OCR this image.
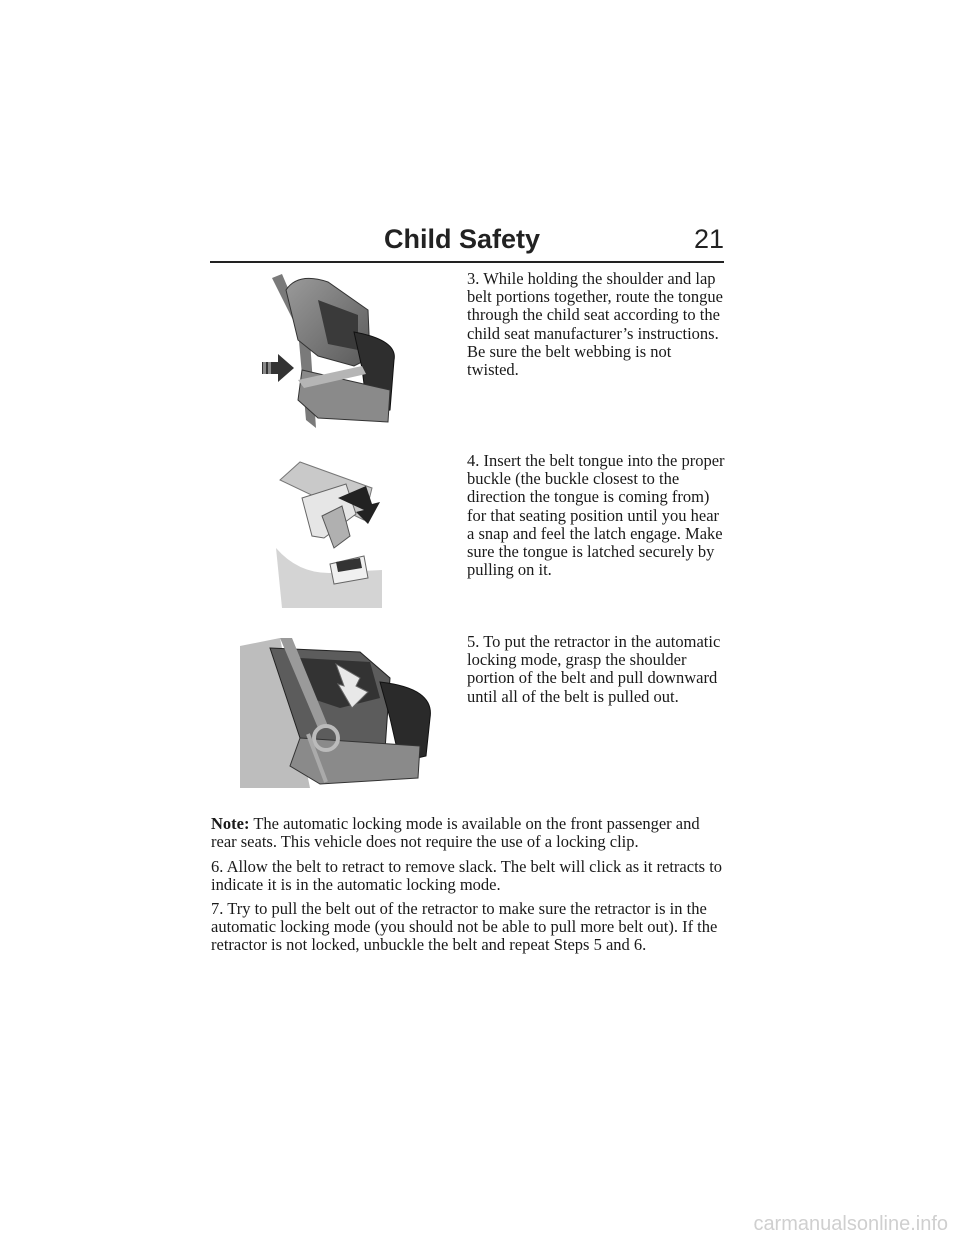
Child Safety	21
3. While holding the shoulder and lap belt portions together, route the tongue through the child seat according to the child seat manufacturer’s instructions. Be sure the belt webbing is not twisted.
4. Insert the belt tongue into the proper buckle (the buckle closest to the direction the tongue is coming from) for that seating position until you hear a snap and feel the latch engage. Make sure the tongue is latched securely by pulling on it.
5. To put the retractor in the automatic locking mode, grasp the shoulder portion of the belt and pull downward until all of the belt is pulled out.
Note: The automatic locking mode is available on the front passenger and rear seats. This vehicle does not require the use of a locking clip.
6. Allow the belt to retract to remove slack. The belt will click as it retracts to indicate it is in the automatic locking mode.
7. Try to pull the belt out of the retractor to make sure the retractor is in the automatic locking mode (you should not be able to pull more belt out). If the retractor is not locked, unbuckle the belt and repeat Steps 5 and 6.
carmanualsonline.info
